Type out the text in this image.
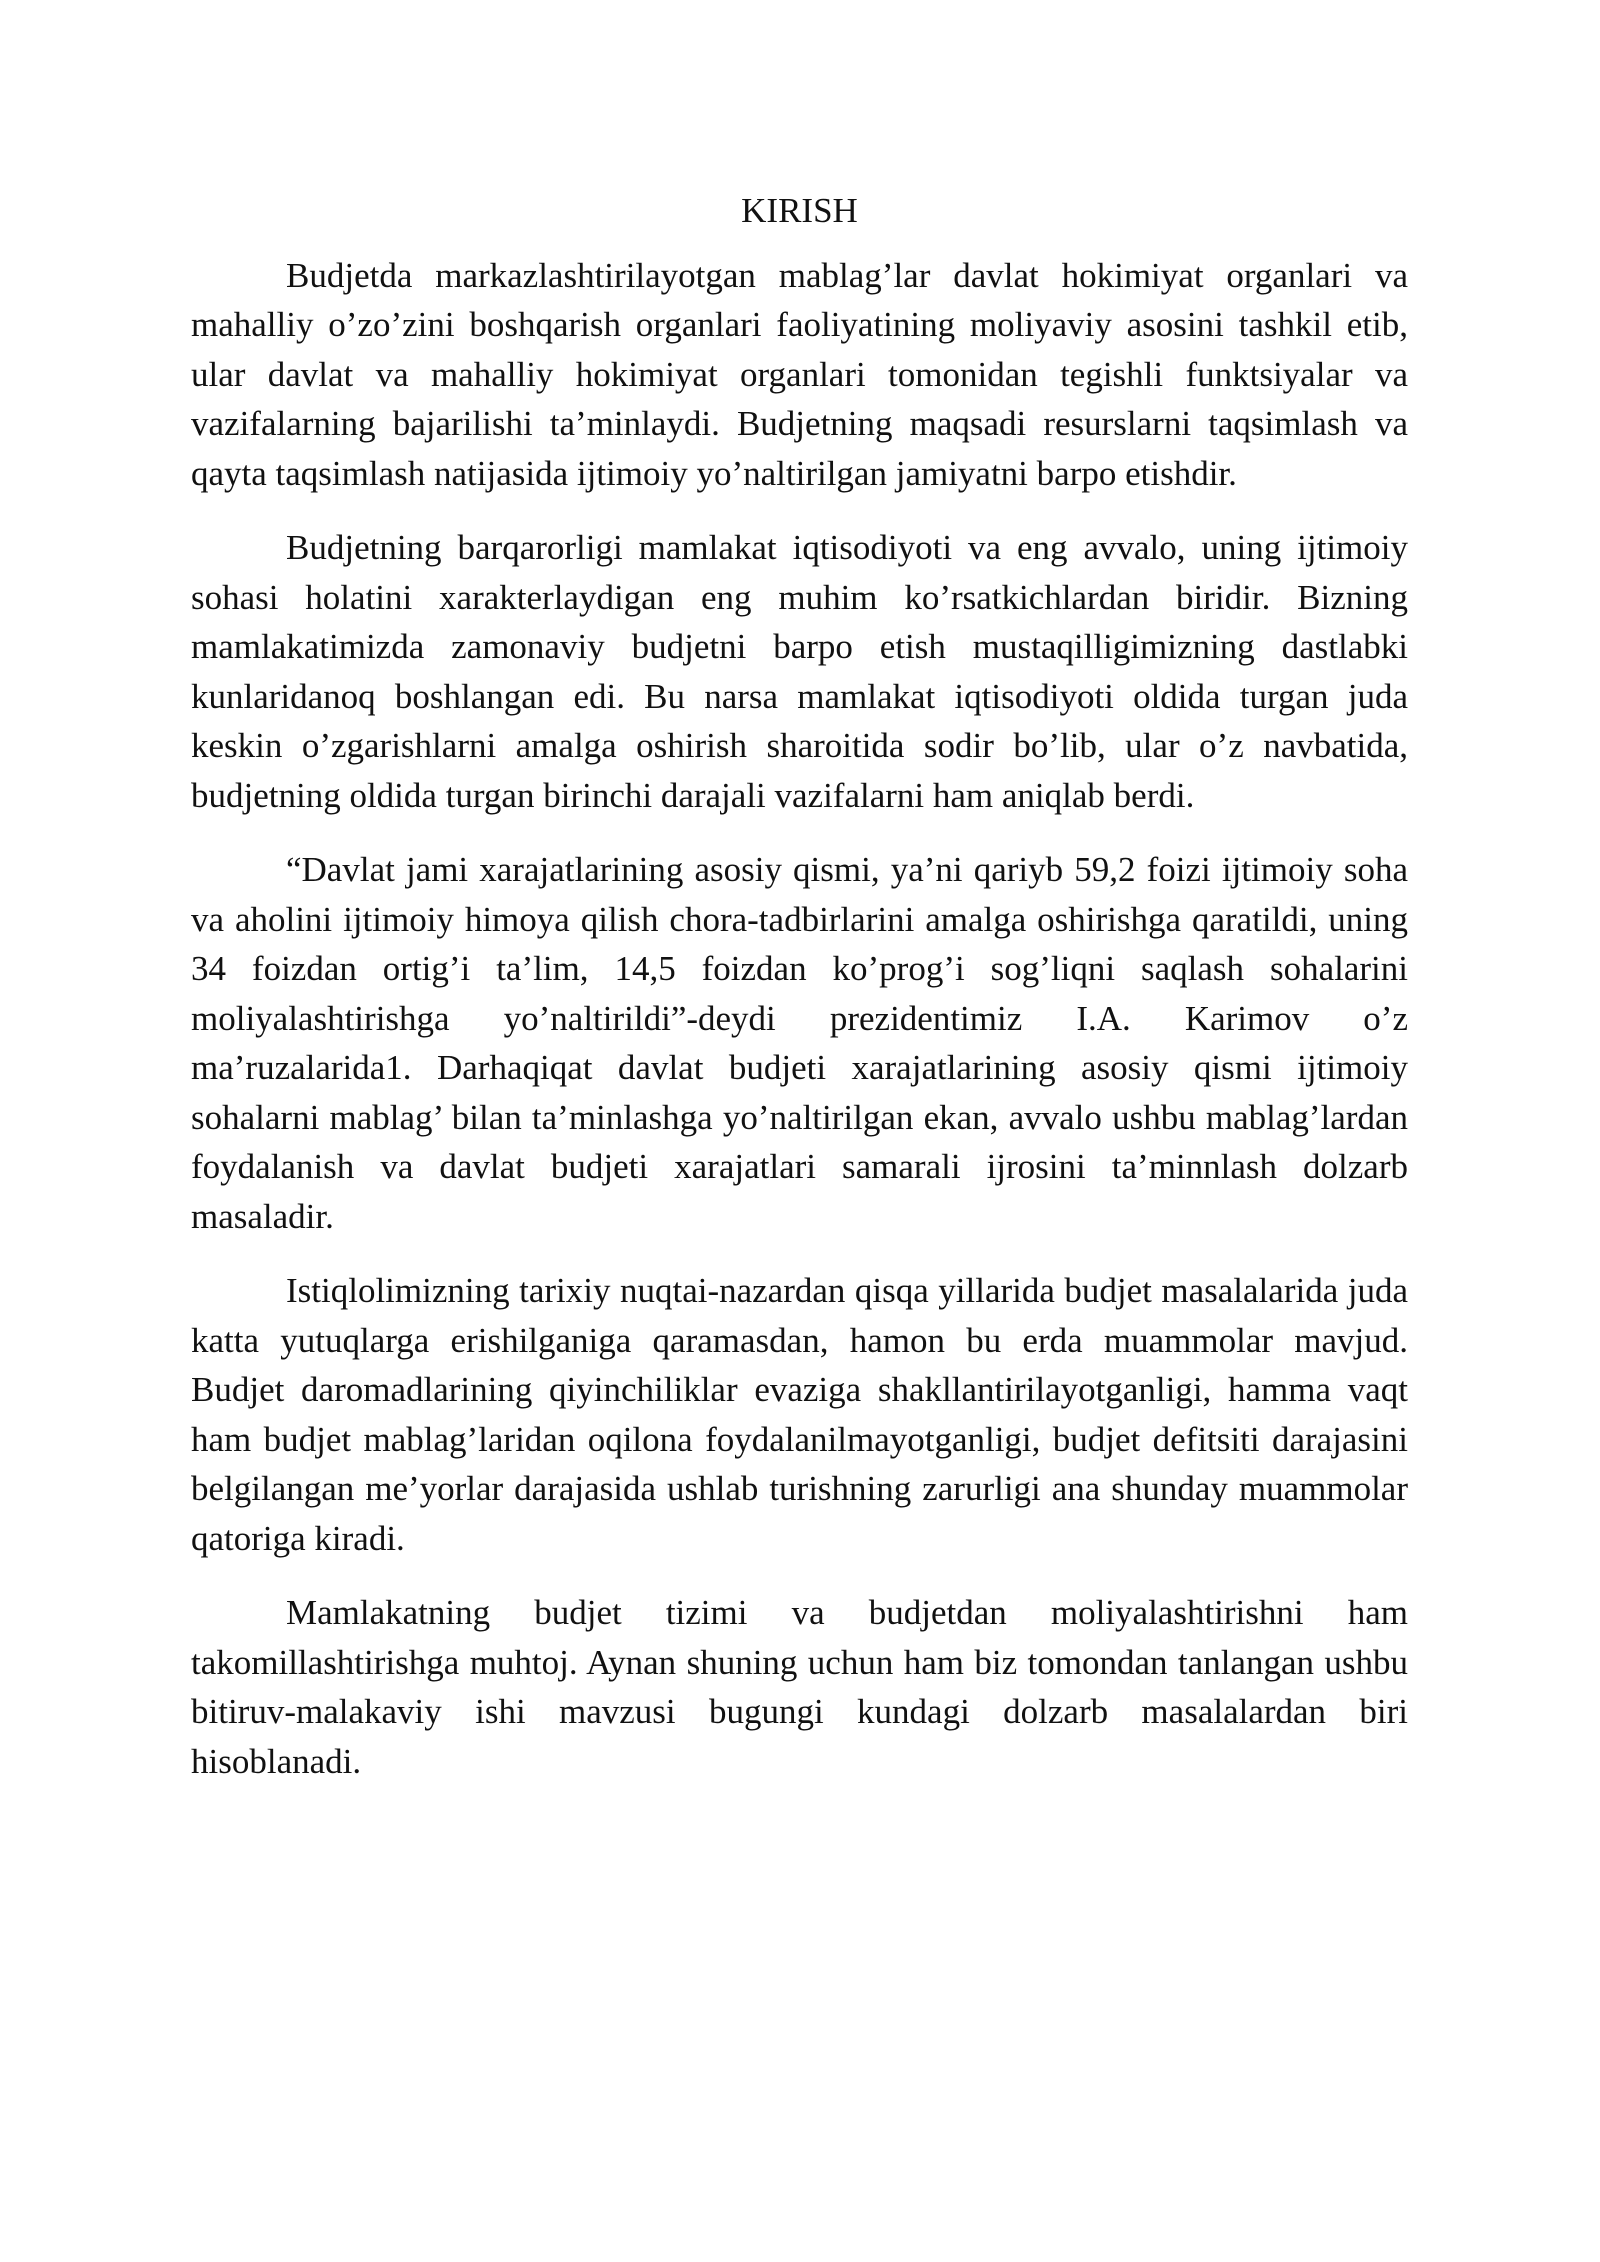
KIRISH

Budjetda markazlashtirilayotgan mablag’lar davlat hokimiyat organlari va mahalliy o’zo’zini boshqarish organlari faoliyatining moliyaviy asosini tashkil etib, ular davlat va mahalliy hokimiyat organlari tomonidan tegishli funktsiyalar va vazifalarning bajarilishi ta’minlaydi. Budjetning maqsadi resurslarni taqsimlash va qayta taqsimlash natijasida ijtimoiy yo’naltirilgan jamiyatni barpo etishdir.

Budjetning barqarorligi mamlakat iqtisodiyoti va eng avvalo, uning ijtimoiy sohasi holatini xarakterlaydigan eng muhim ko’rsatkichlardan biridir. Bizning mamlakatimizda zamonaviy budjetni barpo etish mustaqilligimizning dastlabki kunlaridanoq boshlangan edi. Bu narsa mamlakat iqtisodiyoti oldida turgan juda keskin o’zgarishlarni amalga oshirish sharoitida sodir bo’lib, ular o’z navbatida, budjetning oldida turgan birinchi darajali vazifalarni ham aniqlab berdi.

“Davlat jami xarajatlarining asosiy qismi, ya’ni qariyb 59,2 foizi ijtimoiy soha va aholini ijtimoiy himoya qilish chora-tadbirlarini amalga oshirishga qaratildi, uning 34 foizdan ortig’i ta’lim, 14,5 foizdan ko’prog’i sog’liqni saqlash sohalarini moliyalashtirishga yo’naltirildi”-deydi prezidentimiz I.A. Karimov o’z ma’ruzalarida1. Darhaqiqat davlat budjeti xarajatlarining asosiy qismi ijtimoiy sohalarni mablag’ bilan ta’minlashga yo’naltirilgan ekan, avvalo ushbu mablag’lardan foydalanish va davlat budjeti xarajatlari samarali ijrosini ta’minnlash dolzarb masaladir.

Istiqlolimizning tarixiy nuqtai-nazardan qisqa yillarida budjet masalalarida juda katta yutuqlarga erishilganiga qaramasdan, hamon bu erda muammolar mavjud. Budjet daromadlarining qiyinchiliklar evaziga shakllantirilayotganligi, hamma vaqt ham budjet mablag’laridan oqilona foydalanilmayotganligi, budjet defitsiti darajasini belgilangan me’yorlar darajasida ushlab turishning zarurligi ana shunday muammolar qatoriga kiradi.

Mamlakatning budjet tizimi va budjetdan moliyalashtirishni ham takomillashtirishga muhtoj. Aynan shuning uchun ham biz tomondan tanlangan ushbu bitiruv-malakaviy ishi mavzusi bugungi kundagi dolzarb masalalardan biri hisoblanadi.
